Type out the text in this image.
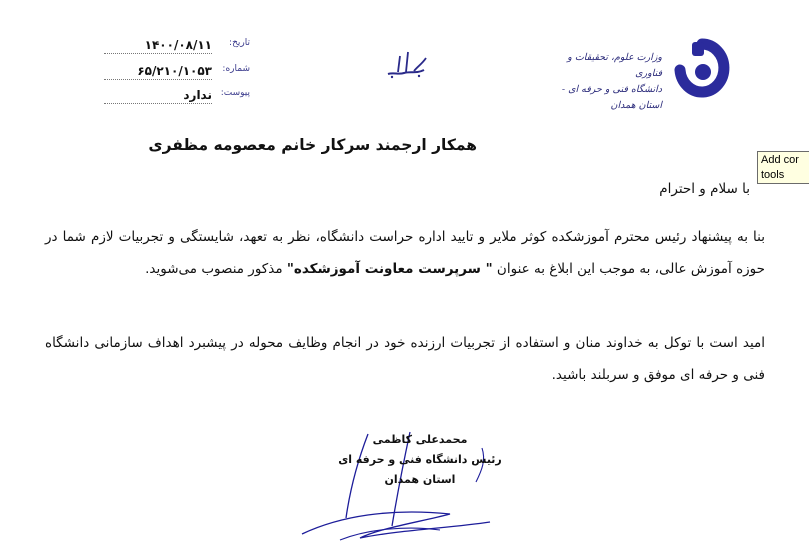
تاریخ:
۱۴۰۰/۰۸/۱۱
شماره:
۶۵/۲۱۰/۱۰۵۳
پیوست:
ندارد
وزارت علوم، تحقیقات و فناوری
دانشگاه فنی و حرفه ای - استان همدان
همکار ارجمند سرکار خانم معصومه مظفری
با سلام و احترام
بنا به پیشنهاد رئیس محترم آموزشکده کوثر ملایر و تایید اداره حراست دانشگاه، نظر به تعهد، شایستگی و تجربیات لازم شما در حوزه آموزش عالی، به موجب این ابلاغ به عنوان " سرپرست معاونت آموزشکده" مذکور منصوب می‌شوید.
امید است با توکل به خداوند منان و استفاده از تجربیات ارزنده خود در انجام وظایف محوله در پیشبرد اهداف سازمانی دانشگاه فنی و حرفه ای موفق و سربلند باشید.
محمدعلی کاظمی
رئیس دانشگاه فنی و حرفه ای
استان همدان
Add cor
tools
